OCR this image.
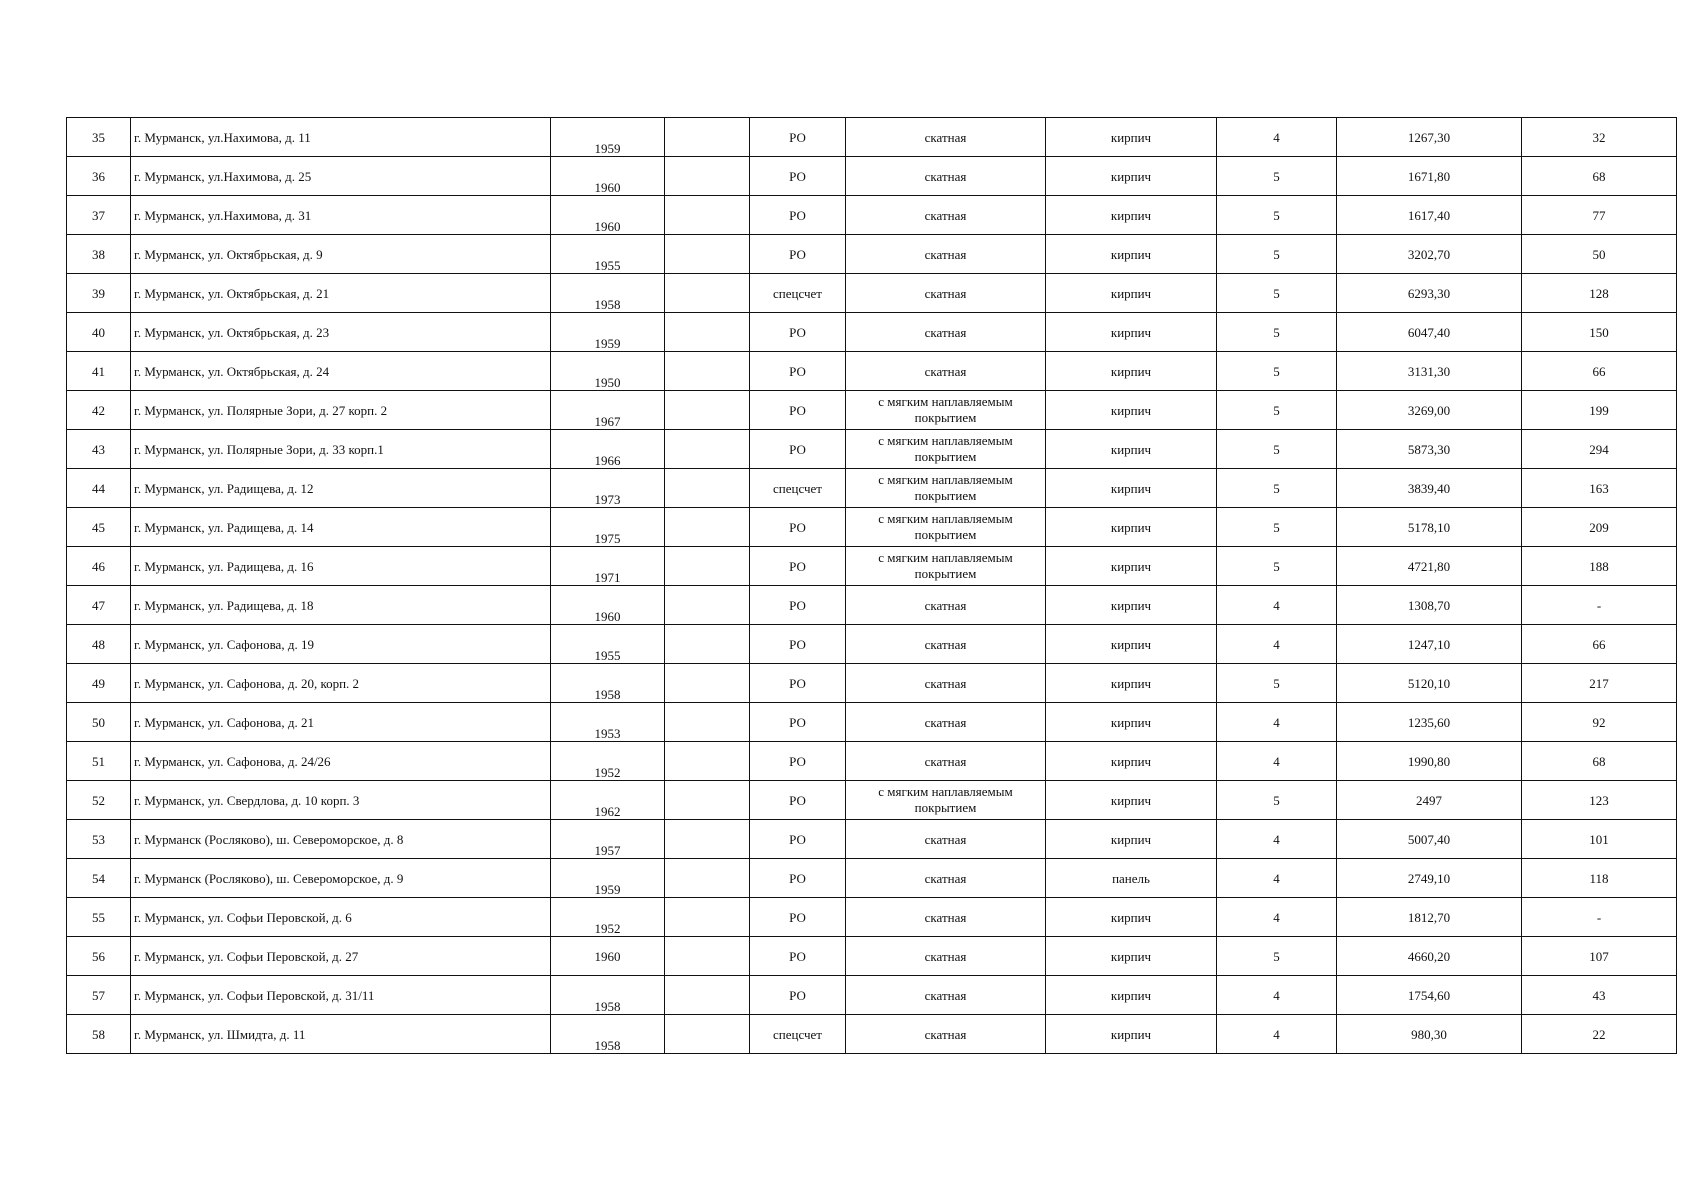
35	г. Мурманск, ул.Нахимова, д. 11	1959		РО	скатная	кирпич	4	1267,30	32
36	г. Мурманск, ул.Нахимова, д. 25	1960		РО	скатная	кирпич	5	1671,80	68
37	г. Мурманск, ул.Нахимова, д. 31	1960		РО	скатная	кирпич	5	1617,40	77
38	г. Мурманск, ул. Октябрьская, д. 9	1955		РО	скатная	кирпич	5	3202,70	50
39	г. Мурманск, ул. Октябрьская, д. 21	1958		спецсчет	скатная	кирпич	5	6293,30	128
40	г. Мурманск, ул. Октябрьская, д. 23	1959		РО	скатная	кирпич	5	6047,40	150
41	г. Мурманск, ул. Октябрьская, д. 24	1950		РО	скатная	кирпич	5	3131,30	66
42	г. Мурманск, ул. Полярные Зори, д. 27 корп. 2	1967		РО	с мягким наплавляемым покрытием	кирпич	5	3269,00	199
43	г. Мурманск, ул. Полярные Зори, д. 33 корп.1	1966		РО	с мягким наплавляемым покрытием	кирпич	5	5873,30	294
44	г. Мурманск, ул. Радищева, д. 12	1973		спецсчет	с мягким наплавляемым покрытием	кирпич	5	3839,40	163
45	г. Мурманск, ул. Радищева, д. 14	1975		РО	с мягким наплавляемым покрытием	кирпич	5	5178,10	209
46	г. Мурманск, ул. Радищева, д. 16	1971		РО	с мягким наплавляемым покрытием	кирпич	5	4721,80	188
47	г. Мурманск, ул. Радищева, д. 18	1960		РО	скатная	кирпич	4	1308,70	-
48	г. Мурманск, ул. Сафонова, д. 19	1955		РО	скатная	кирпич	4	1247,10	66
49	г. Мурманск, ул. Сафонова, д. 20, корп. 2	1958		РО	скатная	кирпич	5	5120,10	217
50	г. Мурманск, ул. Сафонова, д. 21	1953		РО	скатная	кирпич	4	1235,60	92
51	г. Мурманск, ул. Сафонова, д. 24/26	1952		РО	скатная	кирпич	4	1990,80	68
52	г. Мурманск, ул. Свердлова, д. 10 корп. 3	1962		РО	с мягким наплавляемым покрытием	кирпич	5	2497	123
53	г. Мурманск (Росляково), ш. Североморское, д. 8	1957		РО	скатная	кирпич	4	5007,40	101
54	г. Мурманск (Росляково), ш. Североморское, д. 9	1959		РО	скатная	панель	4	2749,10	118
55	г. Мурманск, ул. Софьи Перовской, д. 6	1952		РО	скатная	кирпич	4	1812,70	-
56	г. Мурманск, ул. Софьи Перовской, д. 27	1960		РО	скатная	кирпич	5	4660,20	107
57	г. Мурманск, ул. Софьи Перовской, д. 31/11	1958		РО	скатная	кирпич	4	1754,60	43
58	г. Мурманск, ул. Шмидта, д. 11	1958		спецсчет	скатная	кирпич	4	980,30	22
